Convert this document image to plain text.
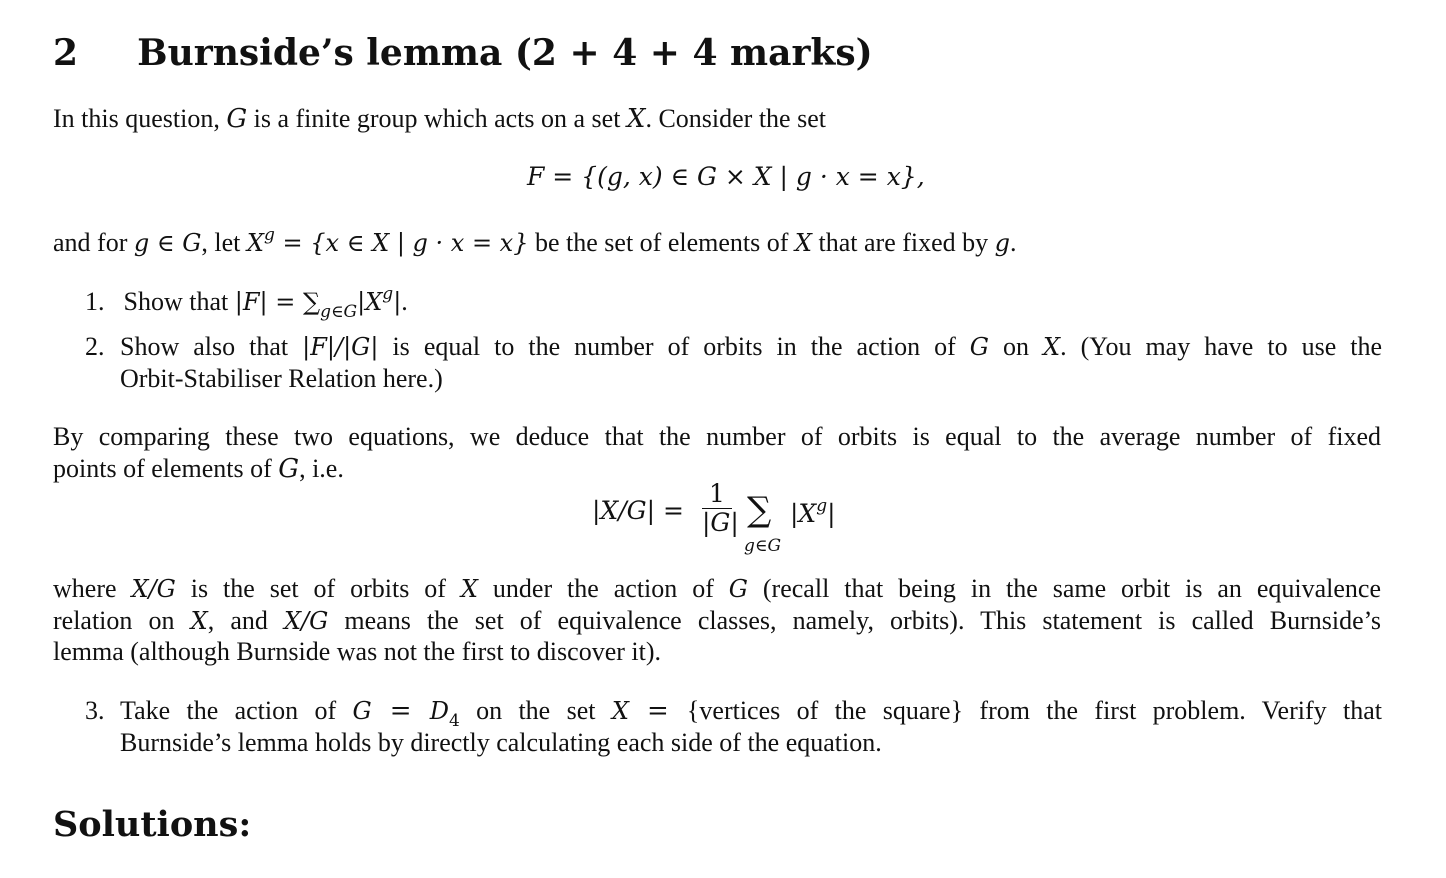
2 Burnside’s lemma (2 + 4 + 4 marks)
In this question, G is a finite group which acts on a set X. Consider the set
F = {(g, x) ∈ G × X | g · x = x},
and for g ∈ G, let $X^g = \{x$ ∈ X | g · x = x} be the set of elements of X that are fixed by g.
1. Show that $|F| = \sum_{g\in G}|X^g|$.
2. Show also that |F|/|G| is equal to the number of orbits in the action of G on X. (You may have to use the
Orbit-Stabiliser Relation here.)
By comparing these two equations, we deduce that the number of orbits is equal to the average number of fixed
points of elements of G, i.e.
$|X/G| = \frac{1}{|G|}$ ∑
g∈G
$|X^g|$
where X/G is the set of orbits of X under the action of G (recall that being in the same orbit is an equivalence
relation on X, and X/G means the set of equivalence classes, namely, orbits). This statement is called Burnside’s
lemma (although Burnside was not the first to discover it).
3. Take the action of $G = D_4$ on the set X = {vertices of the square} from the first problem. Verify that
Burnside’s lemma holds by directly calculating each side of the equation.
Solutions:
